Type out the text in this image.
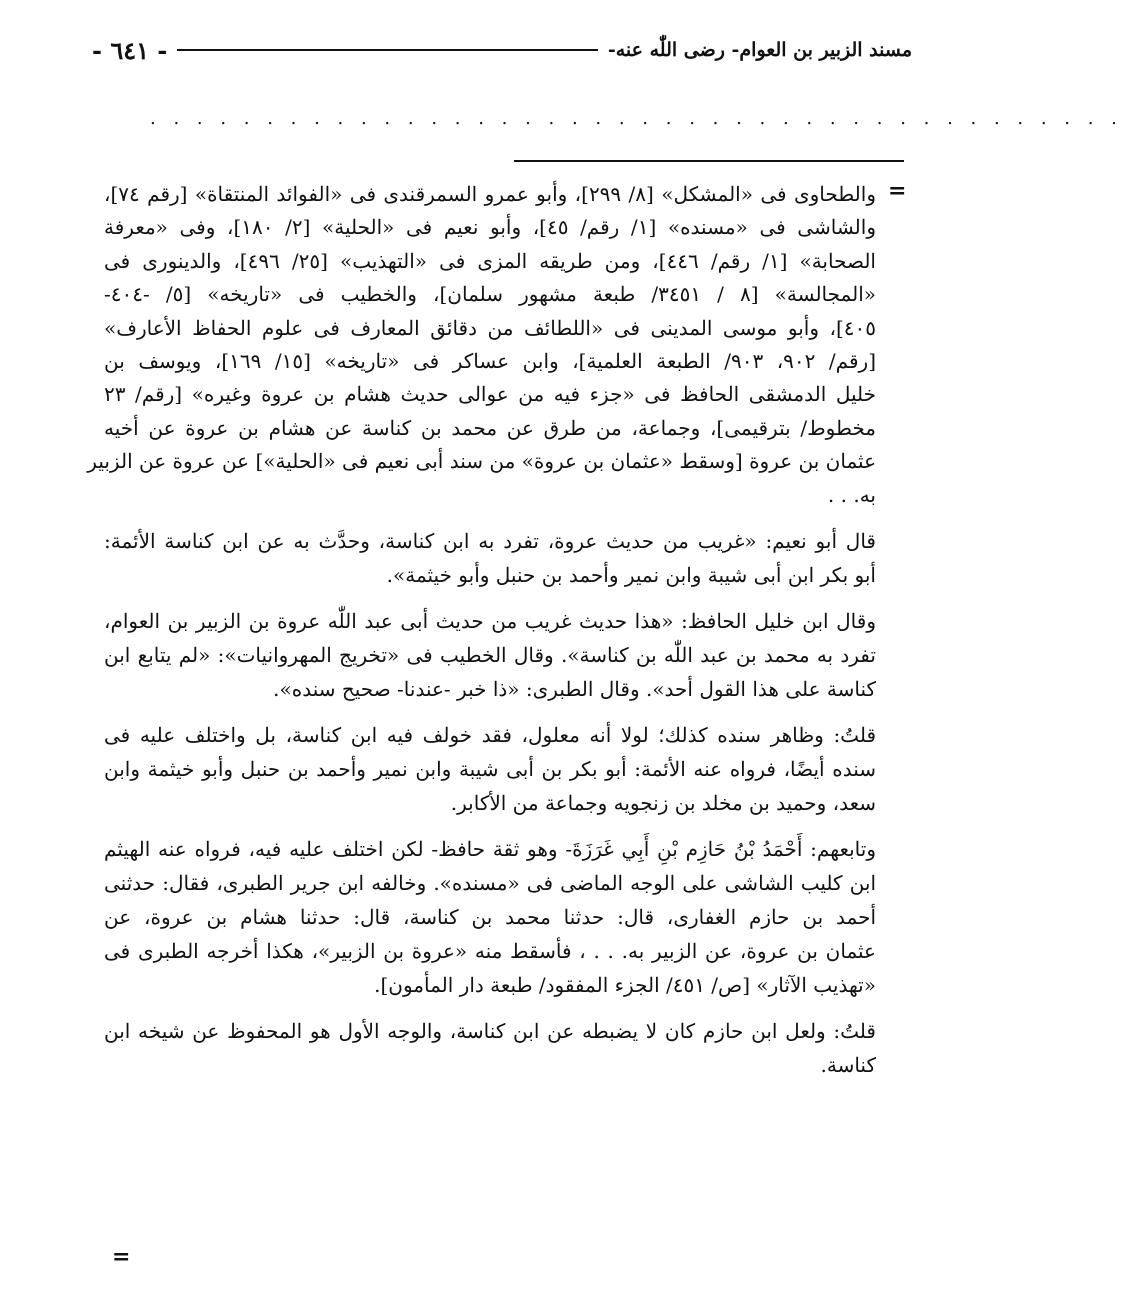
مسند الزبير بن العوام- رضى اللّٰه عنه-
- ٦٤١ -
. . . . . . . . . . . . . . . . . . . . . . . . . . . . . . . . . . . . . . . . . .
=
والطحاوى فى «المشكل» [٨/ ٢٩٩]، وأبو عمرو السمرقندى فى «الفوائد المنتقاة» [رقم ٧٤]،
والشاشى فى «مسنده» [١/ رقم/ ٤٥]، وأبو نعيم فى «الحلية» [٢/ ١٨٠]، وفى «معرفة
الصحابة» [١/ رقم/ ٤٤٦]، ومن طريقه المزى فى «التهذيب» [٢٥/ ٤٩٦]، والدينورى فى
«المجالسة» [٨ / ٣٤٥١/ طبعة مشهور سلمان]، والخطيب فى «تاريخه» [٥/ -٤٠٤-
٤٠٥]، وأبو موسى المدينى فى «اللطائف من دقائق المعارف فى علوم الحفاظ الأعارف»
[رقم/ ٩٠٢، ٩٠٣/ الطبعة العلمية]، وابن عساكر فى «تاريخه» [١٥/ ١٦٩]، ويوسف بن
خليل الدمشقى الحافظ فى «جزء فيه من عوالى حديث هشام بن عروة وغيره» [رقم/ ٢٣
مخطوط/ بترقيمى]، وجماعة، من طرق عن محمد بن كناسة عن هشام بن عروة عن أخيه
عثمان بن عروة [وسقط «عثمان بن عروة» من سند أبى نعيم فى «الحلية»] عن عروة عن الزبير
به. . .
قال أبو نعيم: «غريب من حديث عروة، تفرد به ابن كناسة، وحدَّث به عن ابن كناسة الأئمة:
أبو بكر ابن أبى شيبة وابن نمير وأحمد بن حنبل وأبو خيثمة».
وقال ابن خليل الحافظ: «هذا حديث غريب من حديث أبى عبد اللّٰه عروة بن الزبير بن العوام،
تفرد به محمد بن عبد اللّٰه بن كناسة». وقال الخطيب فى «تخريج المهروانيات»: «لم يتابع ابن
كناسة على هذا القول أحد». وقال الطبرى: «ذا خبر -عندنا- صحيح سنده».
قلتُ: وظاهر سنده كذلك؛ لولا أنه معلول، فقد خولف فيه ابن كناسة، بل واختلف عليه فى
سنده أيضًا، فرواه عنه الأئمة: أبو بكر بن أبى شيبة وابن نمير وأحمد بن حنبل وأبو خيثمة وابن
سعد، وحميد بن مخلد بن زنجويه وجماعة من الأكابر.
وتابعهم: أَحْمَدُ بْنُ حَازِم بْنِ أَبِي غَرَزَةَ- وهو ثقة حافظ- لكن اختلف عليه فيه، فرواه عنه الهيثم
ابن كليب الشاشى على الوجه الماضى فى «مسنده». وخالفه ابن جرير الطبرى، فقال: حدثنى
أحمد بن حازم الغفارى، قال: حدثنا محمد بن كناسة، قال: حدثنا هشام بن عروة، عن
عثمان بن عروة، عن الزبير به. . . ، فأسقط منه «عروة بن الزبير»، هكذا أخرجه الطبرى فى
«تهذيب الآثار» [ص/ ٤٥١/ الجزء المفقود/ طبعة دار المأمون].
قلتُ: ولعل ابن حازم كان لا يضبطه عن ابن كناسة، والوجه الأول هو المحفوظ عن شيخه ابن
كناسة.
=
